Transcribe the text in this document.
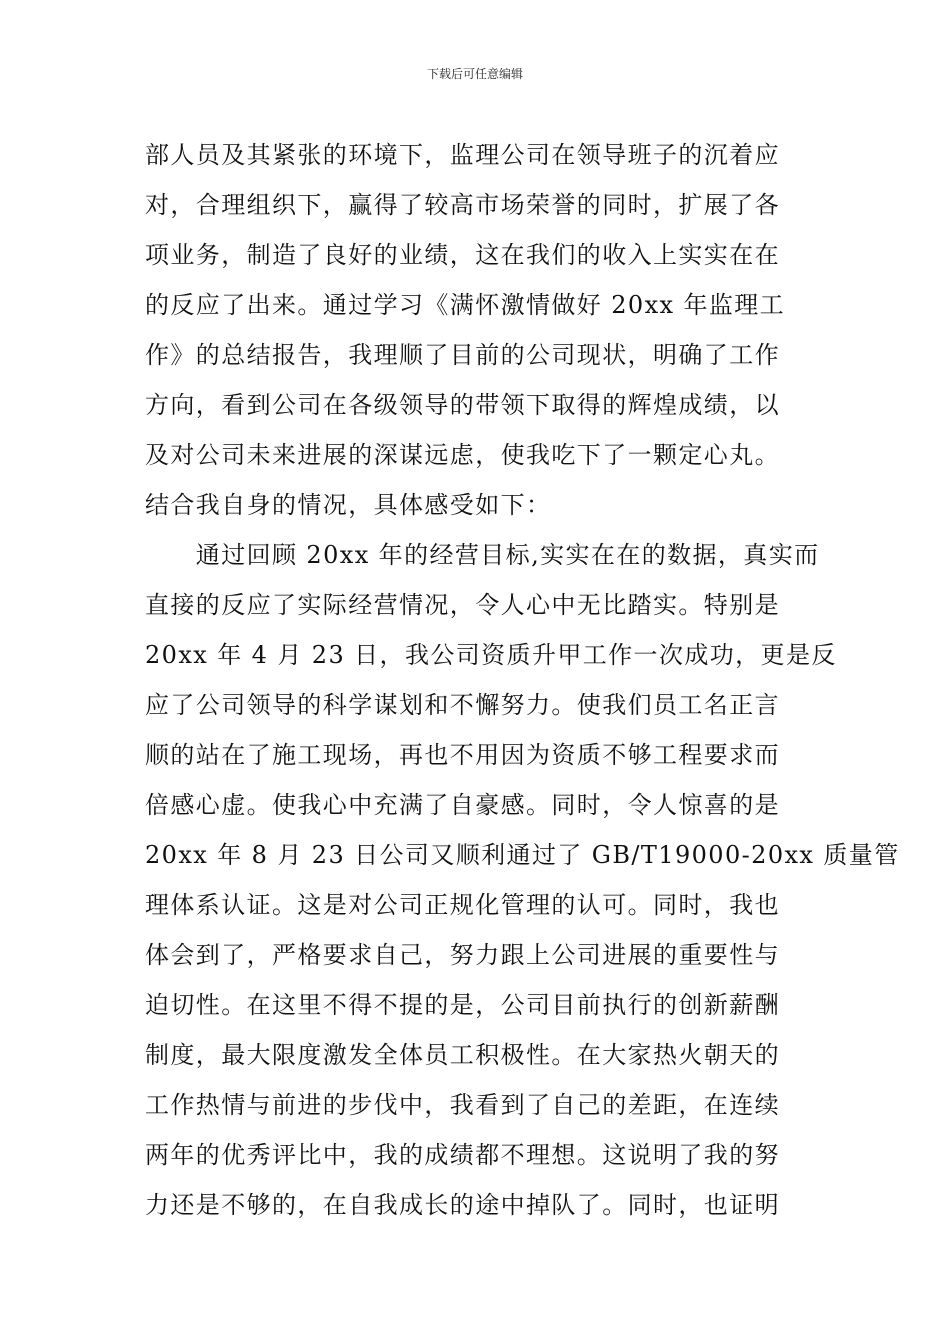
下载后可任意编辑
部人员及其紧张的环境下，监理公司在领导班子的沉着应
对，合理组织下，赢得了较高市场荣誉的同时，扩展了各
项业务，制造了良好的业绩，这在我们的收入上实实在在
的反应了出来。通过学习《满怀激情做好 20xx 年监理工
作》的总结报告，我理顺了目前的公司现状，明确了工作
方向，看到公司在各级领导的带领下取得的辉煌成绩，以
及对公司未来进展的深谋远虑，使我吃下了一颗定心丸。
结合我自身的情况，具体感受如下：
　　通过回顾 20xx 年的经营目标,实实在在的数据，真实而
直接的反应了实际经营情况，令人心中无比踏实。特别是
20xx 年 4 月 23 日，我公司资质升甲工作一次成功，更是反
应了公司领导的科学谋划和不懈努力。使我们员工名正言
顺的站在了施工现场，再也不用因为资质不够工程要求而
倍感心虚。使我心中充满了自豪感。同时，令人惊喜的是
20xx 年 8 月 23 日公司又顺利通过了 GB/T19000-20xx 质量管
理体系认证。这是对公司正规化管理的认可。同时，我也
体会到了，严格要求自己，努力跟上公司进展的重要性与
迫切性。在这里不得不提的是，公司目前执行的创新薪酬
制度，最大限度激发全体员工积极性。在大家热火朝天的
工作热情与前进的步伐中，我看到了自己的差距，在连续
两年的优秀评比中，我的成绩都不理想。这说明了我的努
力还是不够的，在自我成长的途中掉队了。同时，也证明
